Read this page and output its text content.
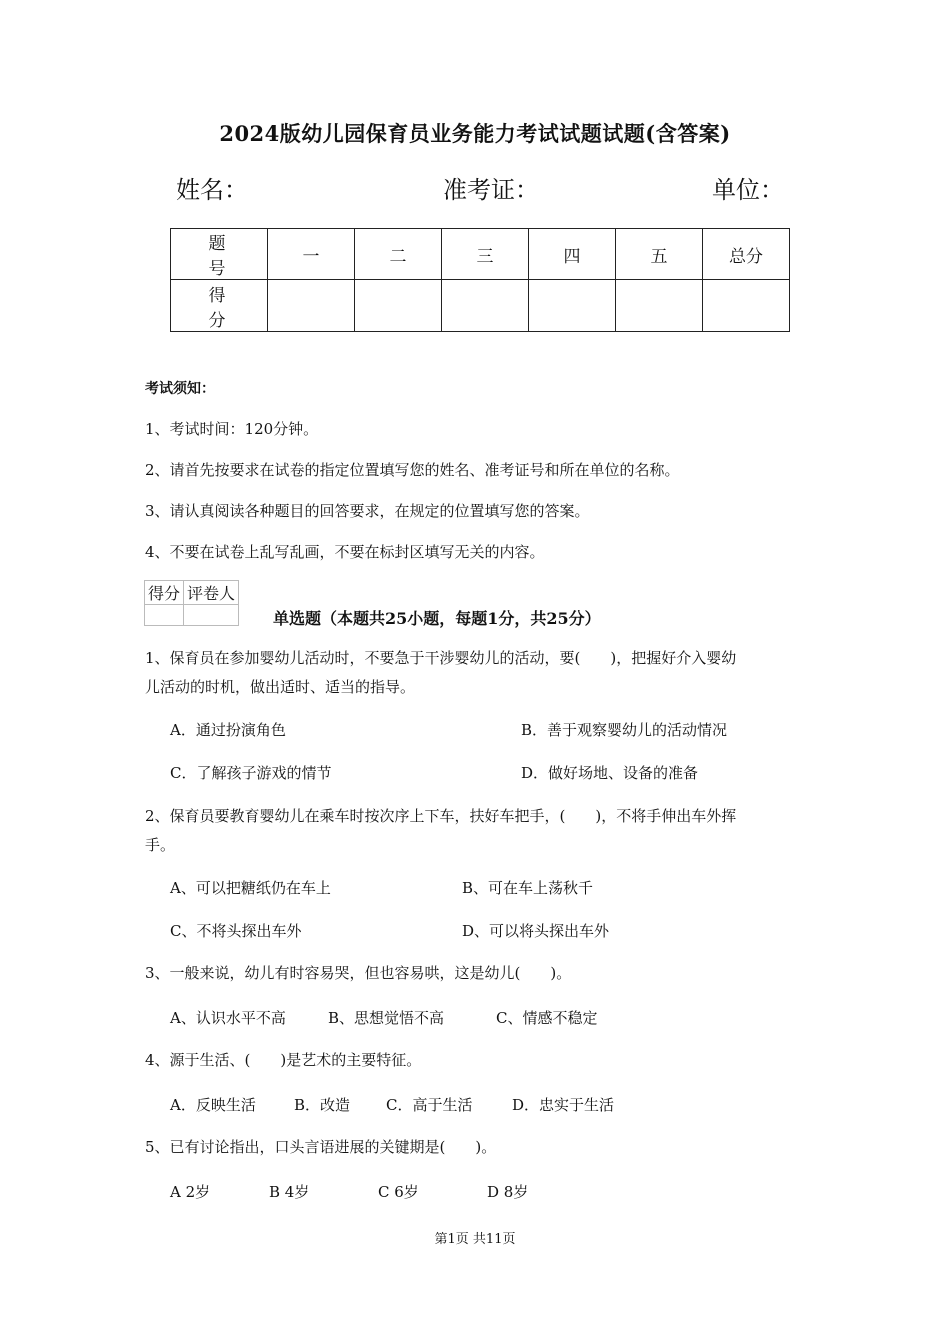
2024版幼儿园保育员业务能力考试试题试题(含答案)
姓名：	准考证：	单位：
题　号	一	二	三	四	五	总分
得　分						
考试须知：
1、考试时间：120分钟。
2、请首先按要求在试卷的指定位置填写您的姓名、准考证号和所在单位的名称。
3、请认真阅读各种题目的回答要求，在规定的位置填写您的答案。
4、不要在试卷上乱写乱画，不要在标封区填写无关的内容。
得分	评卷人

单选题（本题共25小题，每题1分，共25分）
1、保育员在参加婴幼儿活动时，不要急于干涉婴幼儿的活动，要(　　)，把握好介入婴幼
儿活动的时机，做出适时、适当的指导。
A．通过扮演角色	B．善于观察婴幼儿的活动情况
C．了解孩子游戏的情节	D．做好场地、设备的准备
2、保育员要教育婴幼儿在乘车时按次序上下车，扶好车把手，(　　)，不将手伸出车外挥
手。
A、可以把糖纸仍在车上	B、可在车上荡秋千
C、不将头探出车外	D、可以将头探出车外
3、一般来说，幼儿有时容易哭，但也容易哄，这是幼儿(　　)。
A、认识水平不高	B、思想觉悟不高	C、情感不稳定
4、源于生活、(　　)是艺术的主要特征。
A．反映生活	B．改造 C．高于生活	D．忠实于生活
5、已有讨论指出，口头言语进展的关键期是(　　)。
A 2岁	B 4岁	C 6岁	D 8岁
第1页 共11页
